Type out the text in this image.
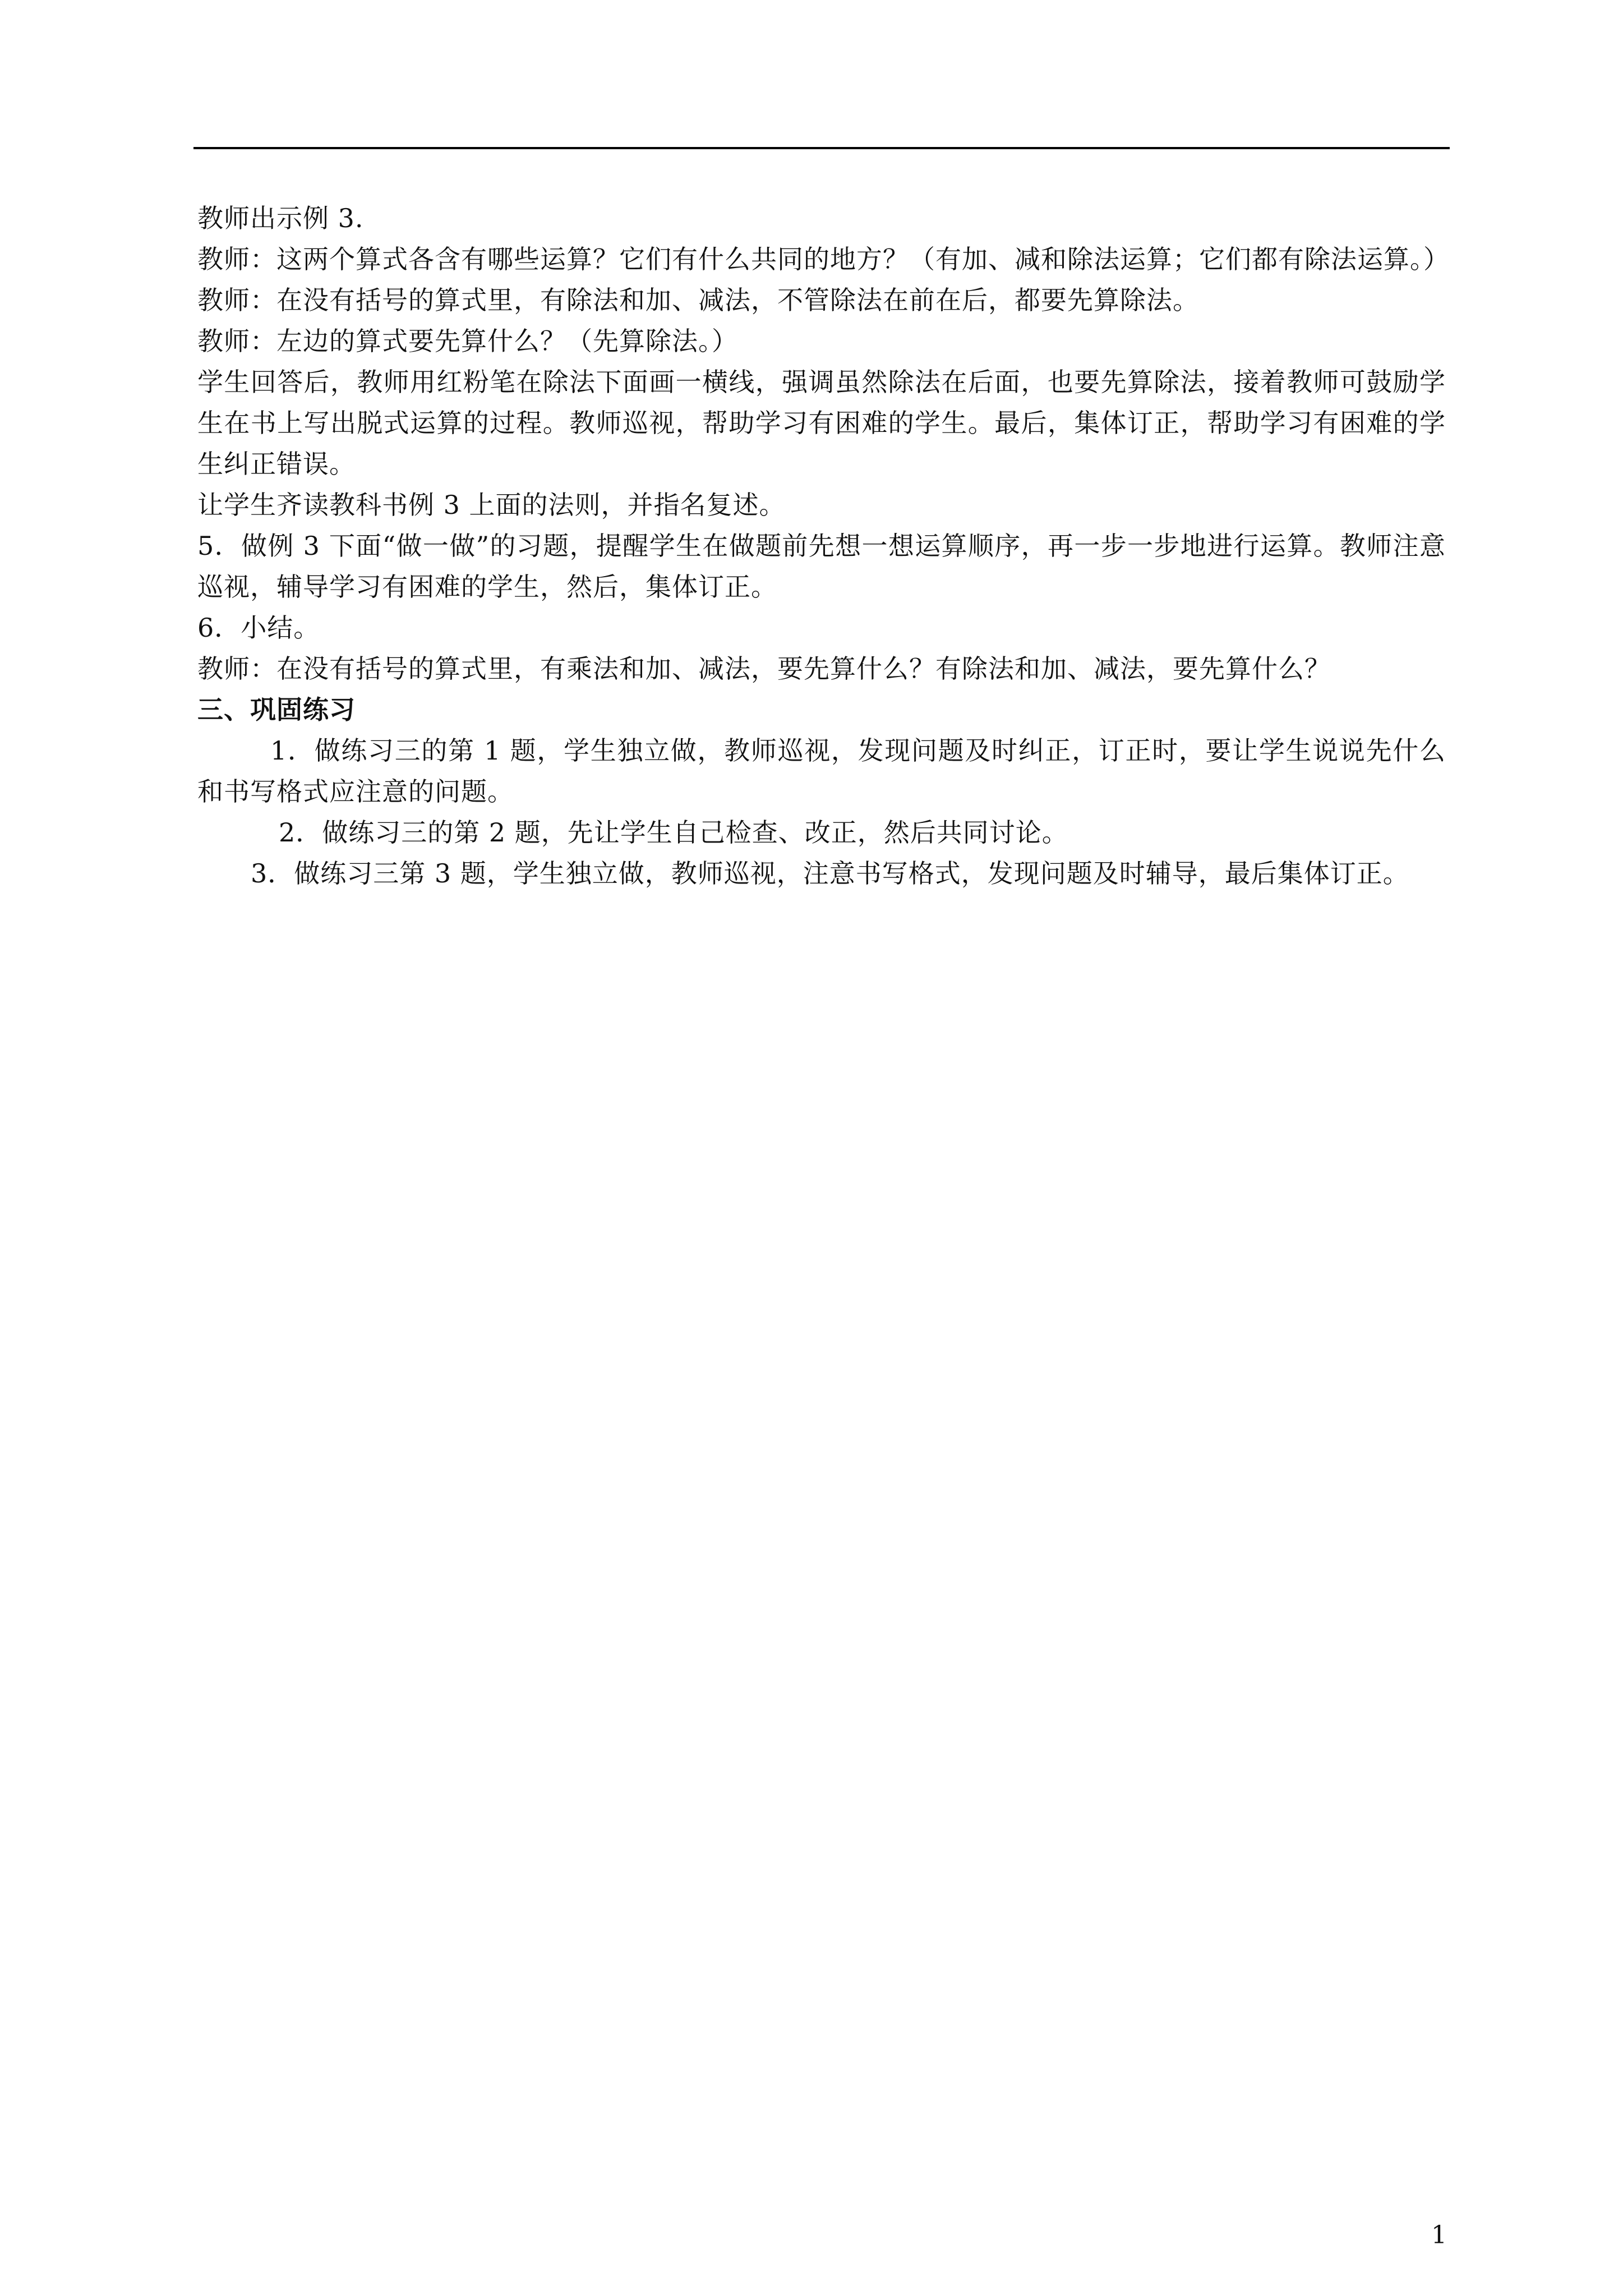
教师出示例 3.

教师：这两个算式各含有哪些运算？它们有什么共同的地方？（有加、减和除法运算；它们都有除法运算。）

教师：在没有括号的算式里，有除法和加、减法，不管除法在前在后，都要先算除法。

教师：左边的算式要先算什么？（先算除法。）

学生回答后，教师用红粉笔在除法下面画一横线，强调虽然除法在后面，也要先算除法，接着教师可鼓励学生在书上写出脱式运算的过程。教师巡视，帮助学习有困难的学生。最后，集体订正，帮助学习有困难的学生纠正错误。

让学生齐读教科书例 3 上面的法则，并指名复述。

5．做例 3 下面“做一做”的习题，提醒学生在做题前先想一想运算顺序，再一步一步地进行运算。教师注意巡视，辅导学习有困难的学生，然后，集体订正。

6．小结。

教师：在没有括号的算式里，有乘法和加、减法，要先算什么？有除法和加、减法，要先算什么？

三、巩固练习

1．做练习三的第 1 题，学生独立做，教师巡视，发现问题及时纠正，订正时，要让学生说说先什么和书写格式应注意的问题。

2．做练习三的第 2 题，先让学生自己检查、改正，然后共同讨论。

3．做练习三第 3 题，学生独立做，教师巡视，注意书写格式，发现问题及时辅导，最后集体订正。

1
